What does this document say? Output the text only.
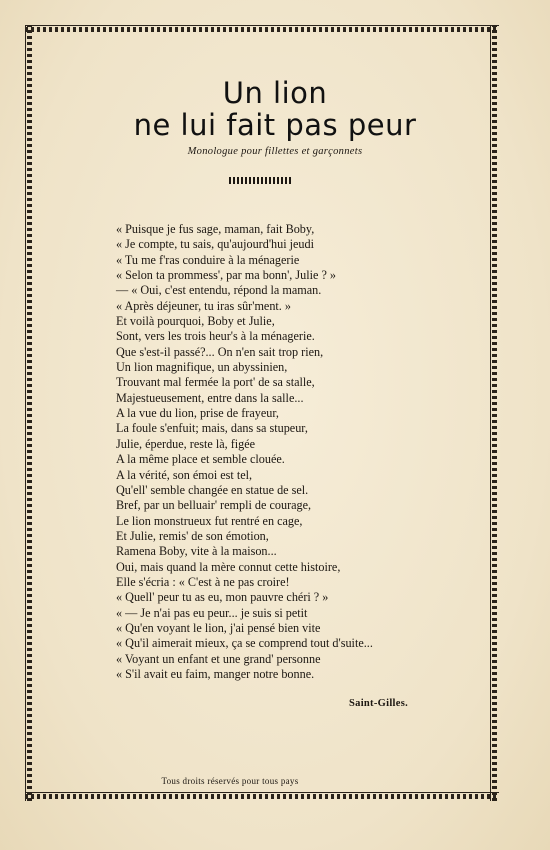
Un lion
ne lui fait pas peur
Monologue pour fillettes et garçonnets
« Puisque je fus sage, maman, fait Boby,
« Je compte, tu sais, qu'aujourd'hui jeudi
« Tu me f'ras conduire à la ménagerie
« Selon ta prommess', par ma bonn', Julie ? »
— « Oui, c'est entendu, répond la maman.
« Après déjeuner, tu iras sûr'ment. »
Et voilà pourquoi, Boby et Julie,
Sont, vers les trois heur's à la ménagerie.
Que s'est-il passé?... On n'en sait trop rien,
Un lion magnifique, un abyssinien,
Trouvant mal fermée la port' de sa stalle,
Majestueusement, entre dans la salle...
A la vue du lion, prise de frayeur,
La foule s'enfuit; mais, dans sa stupeur,
Julie, éperdue, reste là, figée
A la même place et semble clouée.
A la vérité, son émoi est tel,
Qu'ell' semble changée en statue de sel.
Bref, par un belluair' rempli de courage,
Le lion monstrueux fut rentré en cage,
Et Julie, remis' de son émotion,
Ramena Boby, vite à la maison...
Oui, mais quand la mère connut cette histoire,
Elle s'écria : « C'est à ne pas croire!
« Quell' peur tu as eu, mon pauvre chéri ? »
« — Je n'ai pas eu peur... je suis si petit
« Qu'en voyant le lion, j'ai pensé bien vite
« Qu'il aimerait mieux, ça se comprend tout d'suite...
« Voyant un enfant et une grand' personne
« S'il avait eu faim, manger notre bonne.
Saint-Gilles.
Tous droits réservés pour tous pays
